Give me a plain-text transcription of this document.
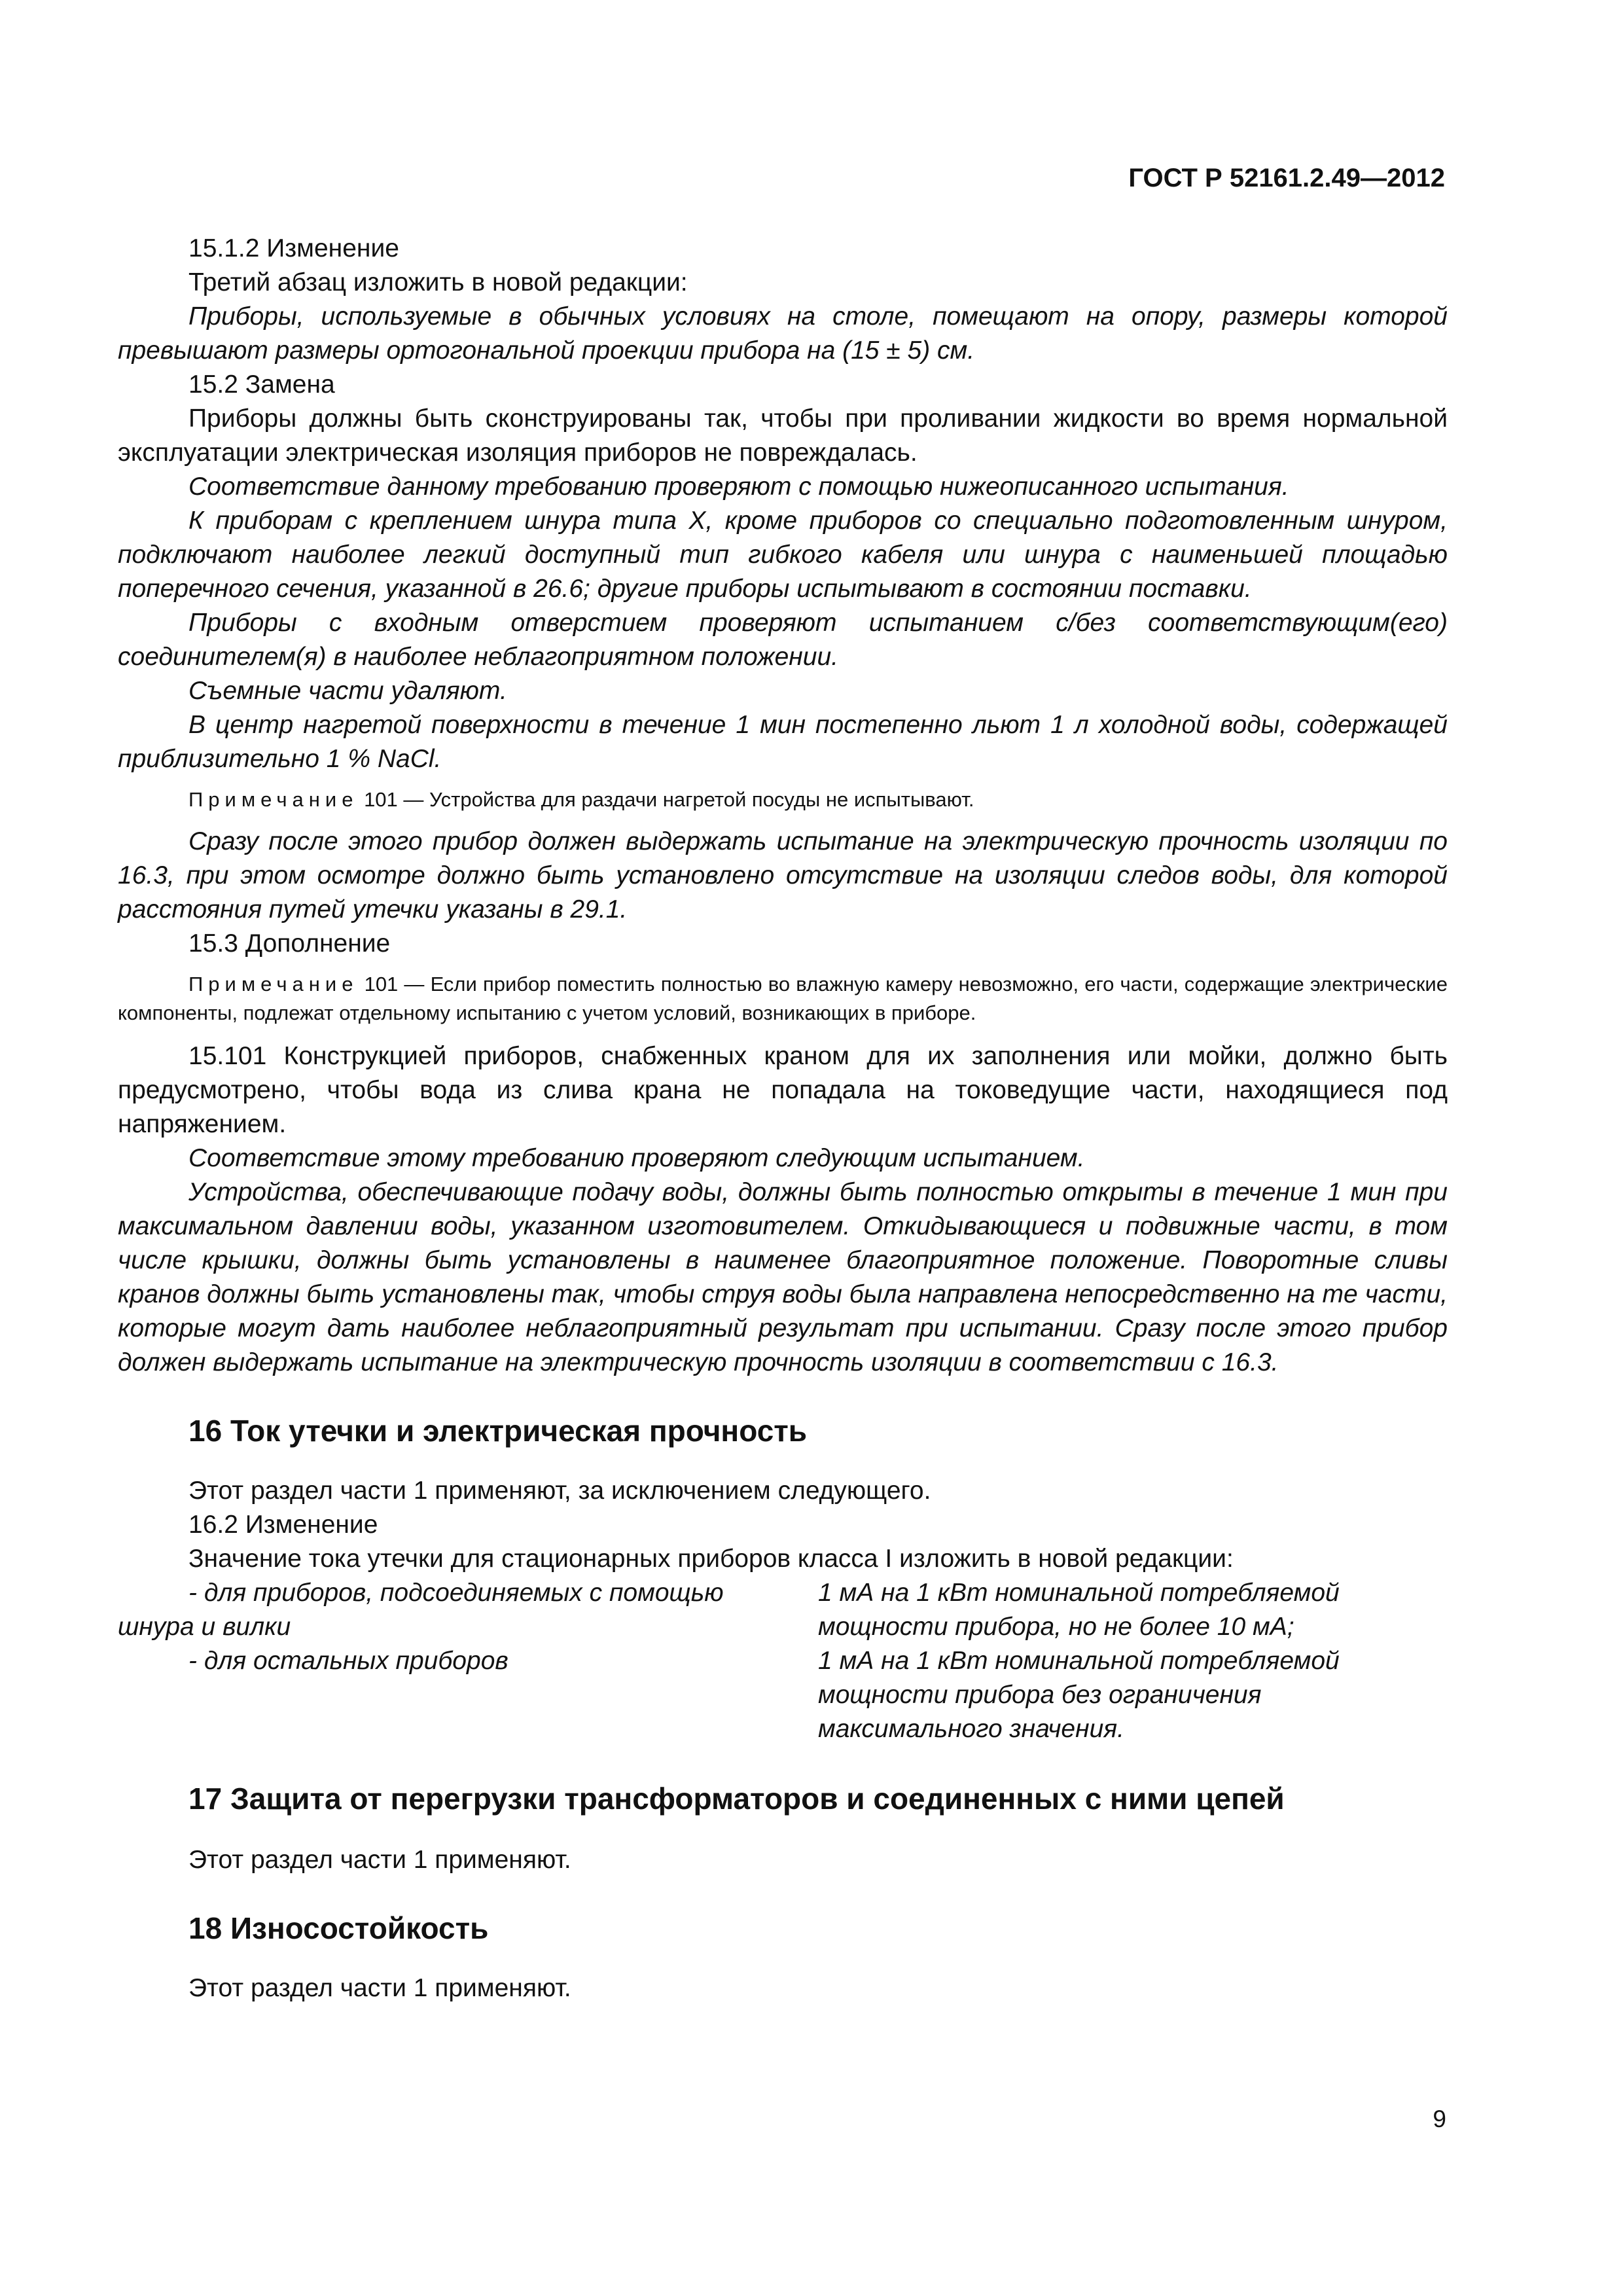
ГОСТ Р 52161.2.49—2012

15.1.2 Изменение

Третий абзац изложить в новой редакции:

Приборы, используемые в обычных условиях на столе, помещают на опору, размеры которой превышают размеры ортогональной проекции прибора на (15 ± 5) см.

15.2 Замена

Приборы должны быть сконструированы так, чтобы при проливании жидкости во время нормальной эксплуатации электрическая изоляция приборов не повреждалась.

Соответствие данному требованию проверяют с помощью нижеописанного испытания.

К приборам с креплением шнура типа X, кроме приборов со специально подготовленным шнуром, подключают наиболее легкий доступный тип гибкого кабеля или шнура с наименьшей площадью поперечного сечения, указанной в 26.6; другие приборы испытывают в состоянии поставки.

Приборы с входным отверстием проверяют испытанием с/без соответствующим(его) соединителем(я) в наиболее неблагоприятном положении.

Съемные части удаляют.

В центр нагретой поверхности в течение 1 мин постепенно льют 1 л холодной воды, содержащей приблизительно 1 % NaCl.

Примечание 101 — Устройства для раздачи нагретой посуды не испытывают.

Сразу после этого прибор должен выдержать испытание на электрическую прочность изоляции по 16.3, при этом осмотре должно быть установлено отсутствие на изоляции следов воды, для которой расстояния путей утечки указаны в 29.1.

15.3 Дополнение

Примечание 101 — Если прибор поместить полностью во влажную камеру невозможно, его части, содержащие электрические компоненты, подлежат отдельному испытанию с учетом условий, возникающих в приборе.

15.101 Конструкцией приборов, снабженных краном для их заполнения или мойки, должно быть предусмотрено, чтобы вода из слива крана не попадала на токоведущие части, находящиеся под напряжением.

Соответствие этому требованию проверяют следующим испытанием.

Устройства, обеспечивающие подачу воды, должны быть полностью открыты в течение 1 мин при максимальном давлении воды, указанном изготовителем. Откидывающиеся и подвижные части, в том числе крышки, должны быть установлены в наименее благоприятное положение. Поворотные сливы кранов должны быть установлены так, чтобы струя воды была направлена непосредственно на те части, которые могут дать наиболее неблагоприятный результат при испытании. Сразу после этого прибор должен выдержать испытание на электрическую прочность изоляции в соответствии с 16.3.

16 Ток утечки и электрическая прочность

Этот раздел части 1 применяют, за исключением следующего.

16.2 Изменение

Значение тока утечки для стационарных приборов класса I изложить в новой редакции:

- для приборов, подсоединяемых с помощью

шнура и вилки

1 мА на 1 кВт номинальной потребляемой мощности прибора, но не более 10 мА;

- для остальных приборов	1 мА на 1 кВт номинальной потребляемой мощности прибора без ограничения максимального значения.

17 Защита от перегрузки трансформаторов и соединенных с ними цепей

Этот раздел части 1 применяют.

18 Износостойкость

Этот раздел части 1 применяют.

9
